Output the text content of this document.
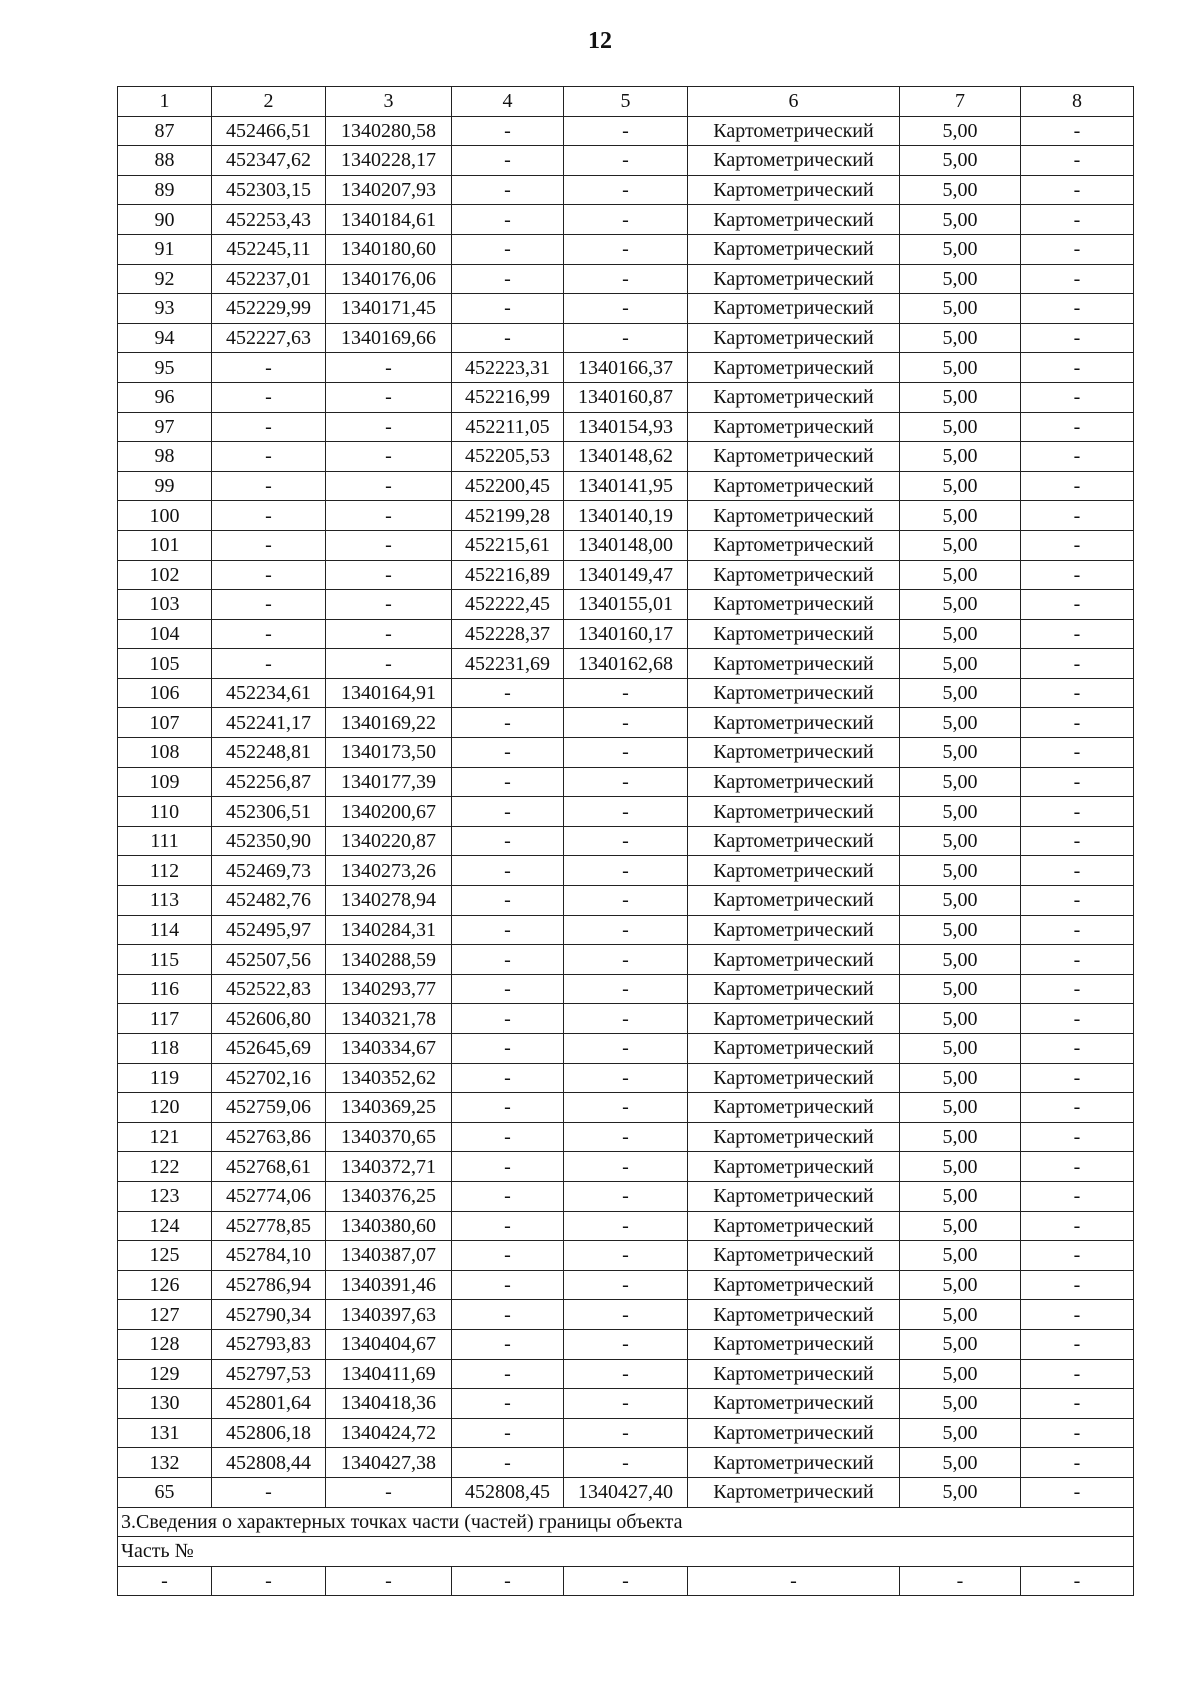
12
1	2	3	4	5	6	7	8
87	452466,51	1340280,58	-	-	Картометрический	5,00	-
88	452347,62	1340228,17	-	-	Картометрический	5,00	-
89	452303,15	1340207,93	-	-	Картометрический	5,00	-
90	452253,43	1340184,61	-	-	Картометрический	5,00	-
91	452245,11	1340180,60	-	-	Картометрический	5,00	-
92	452237,01	1340176,06	-	-	Картометрический	5,00	-
93	452229,99	1340171,45	-	-	Картометрический	5,00	-
94	452227,63	1340169,66	-	-	Картометрический	5,00	-
95	-	-	452223,31	1340166,37	Картометрический	5,00	-
96	-	-	452216,99	1340160,87	Картометрический	5,00	-
97	-	-	452211,05	1340154,93	Картометрический	5,00	-
98	-	-	452205,53	1340148,62	Картометрический	5,00	-
99	-	-	452200,45	1340141,95	Картометрический	5,00	-
100	-	-	452199,28	1340140,19	Картометрический	5,00	-
101	-	-	452215,61	1340148,00	Картометрический	5,00	-
102	-	-	452216,89	1340149,47	Картометрический	5,00	-
103	-	-	452222,45	1340155,01	Картометрический	5,00	-
104	-	-	452228,37	1340160,17	Картометрический	5,00	-
105	-	-	452231,69	1340162,68	Картометрический	5,00	-
106	452234,61	1340164,91	-	-	Картометрический	5,00	-
107	452241,17	1340169,22	-	-	Картометрический	5,00	-
108	452248,81	1340173,50	-	-	Картометрический	5,00	-
109	452256,87	1340177,39	-	-	Картометрический	5,00	-
110	452306,51	1340200,67	-	-	Картометрический	5,00	-
111	452350,90	1340220,87	-	-	Картометрический	5,00	-
112	452469,73	1340273,26	-	-	Картометрический	5,00	-
113	452482,76	1340278,94	-	-	Картометрический	5,00	-
114	452495,97	1340284,31	-	-	Картометрический	5,00	-
115	452507,56	1340288,59	-	-	Картометрический	5,00	-
116	452522,83	1340293,77	-	-	Картометрический	5,00	-
117	452606,80	1340321,78	-	-	Картометрический	5,00	-
118	452645,69	1340334,67	-	-	Картометрический	5,00	-
119	452702,16	1340352,62	-	-	Картометрический	5,00	-
120	452759,06	1340369,25	-	-	Картометрический	5,00	-
121	452763,86	1340370,65	-	-	Картометрический	5,00	-
122	452768,61	1340372,71	-	-	Картометрический	5,00	-
123	452774,06	1340376,25	-	-	Картометрический	5,00	-
124	452778,85	1340380,60	-	-	Картометрический	5,00	-
125	452784,10	1340387,07	-	-	Картометрический	5,00	-
126	452786,94	1340391,46	-	-	Картометрический	5,00	-
127	452790,34	1340397,63	-	-	Картометрический	5,00	-
128	452793,83	1340404,67	-	-	Картометрический	5,00	-
129	452797,53	1340411,69	-	-	Картометрический	5,00	-
130	452801,64	1340418,36	-	-	Картометрический	5,00	-
131	452806,18	1340424,72	-	-	Картометрический	5,00	-
132	452808,44	1340427,38	-	-	Картометрический	5,00	-
65	-	-	452808,45	1340427,40	Картометрический	5,00	-
3.Сведения о характерных точках части (частей) границы объекта							
Часть №							
-	-	-	-	-	-	-	-
